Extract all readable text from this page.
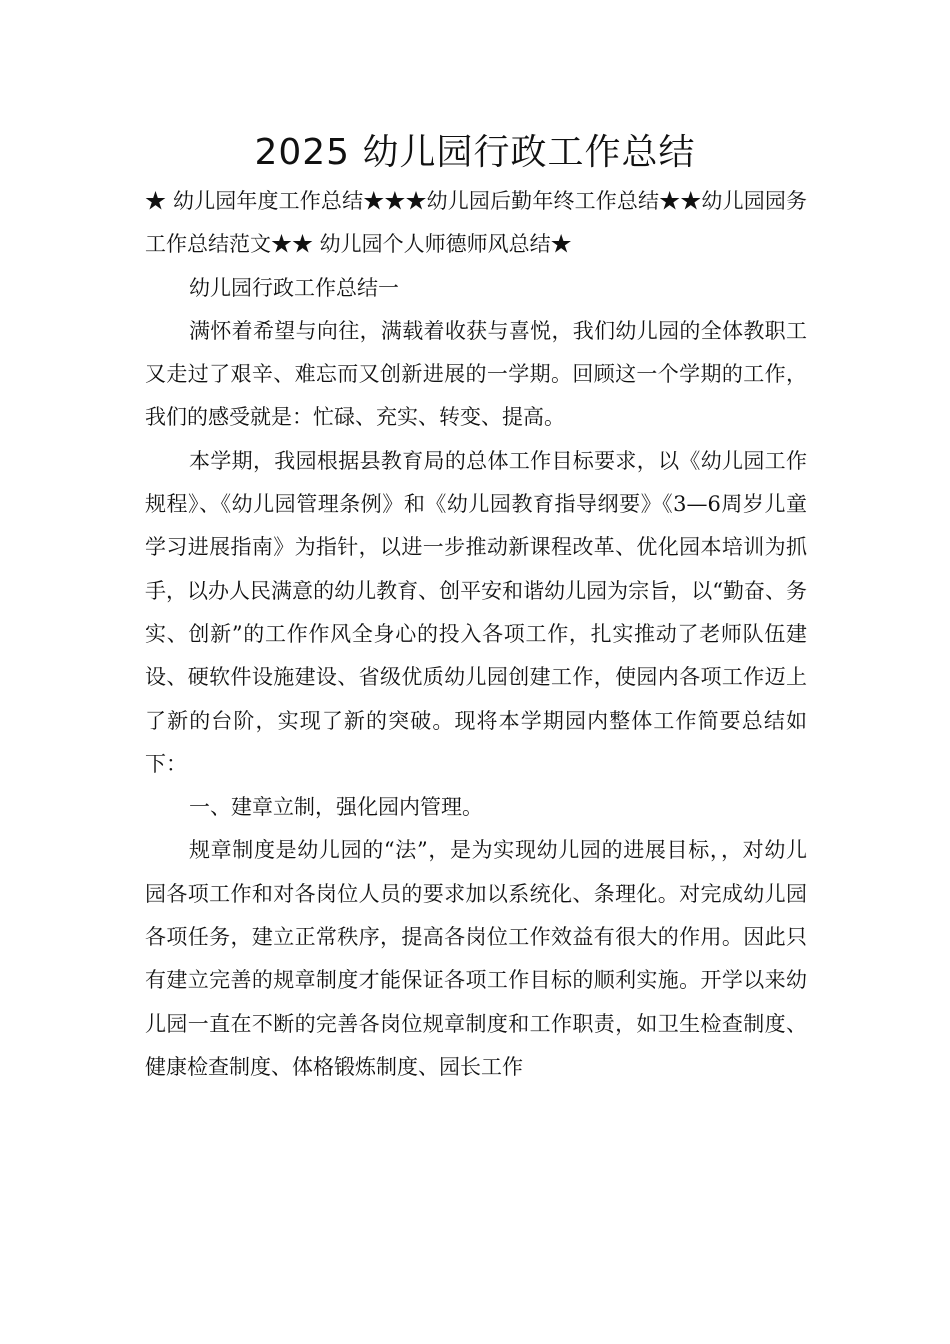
2025 幼儿园行政工作总结

★ 幼儿园年度工作总结★★★幼儿园后勤年终工作总结★★幼儿园园务工作总结范文★★ 幼儿园个人师德师风总结★

幼儿园行政工作总结一

满怀着希望与向往，满载着收获与喜悦，我们幼儿园的全体教职工又走过了艰辛、难忘而又创新进展的一学期。回顾这一个学期的工作，我们的感受就是：忙碌、充实、转变、提高。

本学期，我园根据县教育局的总体工作目标要求，以《幼儿园工作规程》、《幼儿园管理条例》和《幼儿园教育指导纲要》《3—6周岁儿童学习进展指南》为指针，以进一步推动新课程改革、优化园本培训为抓手，以办人民满意的幼儿教育、创平安和谐幼儿园为宗旨，以“勤奋、务实、创新”的工作作风全身心的投入各项工作，扎实推动了老师队伍建设、硬软件设施建设、省级优质幼儿园创建工作，使园内各项工作迈上了新的台阶，实现了新的突破。现将本学期园内整体工作简要总结如下：

一、建章立制，强化园内管理。

规章制度是幼儿园的“法”，是为实现幼儿园的进展目标，，对幼儿园各项工作和对各岗位人员的要求加以系统化、条理化。对完成幼儿园各项任务，建立正常秩序，提高各岗位工作效益有很大的作用。因此只有建立完善的规章制度才能保证各项工作目标的顺利实施。开学以来幼儿园一直在不断的完善各岗位规章制度和工作职责，如卫生检查制度、健康检查制度、体格锻炼制度、园长工作
